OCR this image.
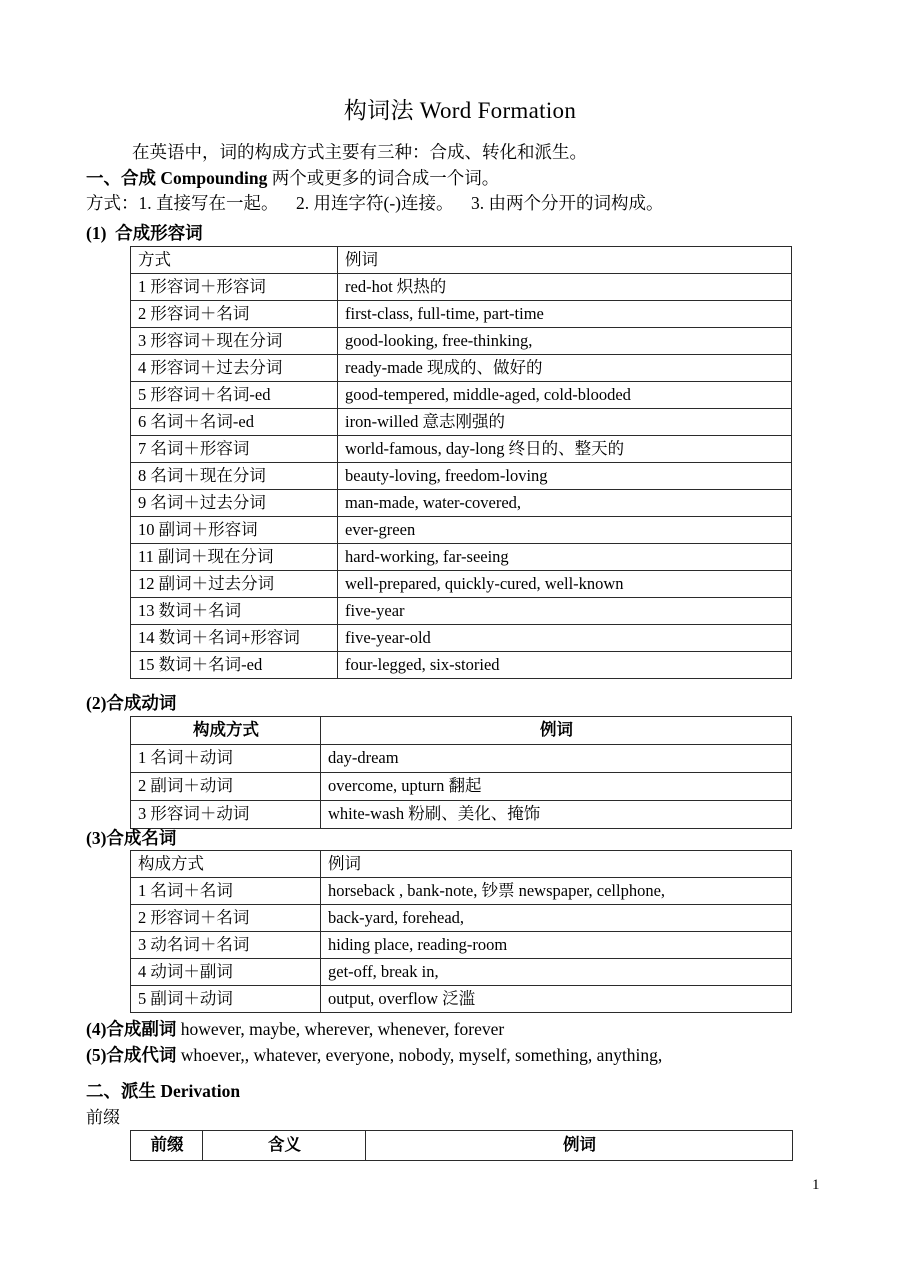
构词法 Word Formation
在英语中，词的构成方式主要有三种：合成、转化和派生。
一、合成 Compounding 两个或更多的词合成一个词。
方式：1. 直接写在一起。    2. 用连字符(-)连接。    3. 由两个分开的词构成。
(1)  合成形容词
方式	例词
1 形容词＋形容词	red-hot 炽热的
2 形容词＋名词	first-class, full-time, part-time
3 形容词＋现在分词	good-looking, free-thinking,
4 形容词＋过去分词	ready-made 现成的、做好的
5 形容词＋名词-ed	good-tempered, middle-aged, cold-blooded
6 名词＋名词-ed	iron-willed 意志刚强的
7 名词＋形容词	world-famous, day-long 终日的、整天的
8 名词＋现在分词	beauty-loving, freedom-loving
9 名词＋过去分词	man-made, water-covered,
10 副词＋形容词	ever-green
11 副词＋现在分词	hard-working, far-seeing
12 副词＋过去分词	well-prepared, quickly-cured, well-known
13 数词＋名词	five-year
14 数词＋名词+形容词	five-year-old
15 数词＋名词-ed	four-legged, six-storied
(2)合成动词
构成方式	例词
1 名词＋动词	day-dream
2 副词＋动词	overcome, upturn 翻起
3 形容词＋动词	white-wash 粉刷、美化、掩饰
(3)合成名词
构成方式	例词
1 名词＋名词	horseback , bank-note, 钞票 newspaper, cellphone,
2 形容词＋名词	back-yard, forehead,
3 动名词＋名词	hiding place, reading-room
4 动词＋副词	get-off, break in,
5 副词＋动词	output, overflow 泛滥
(4)合成副词 however, maybe, wherever, whenever, forever
(5)合成代词 whoever,, whatever, everyone, nobody, myself, something, anything,
二、派生 Derivation
前缀
前缀	含义	例词
1
